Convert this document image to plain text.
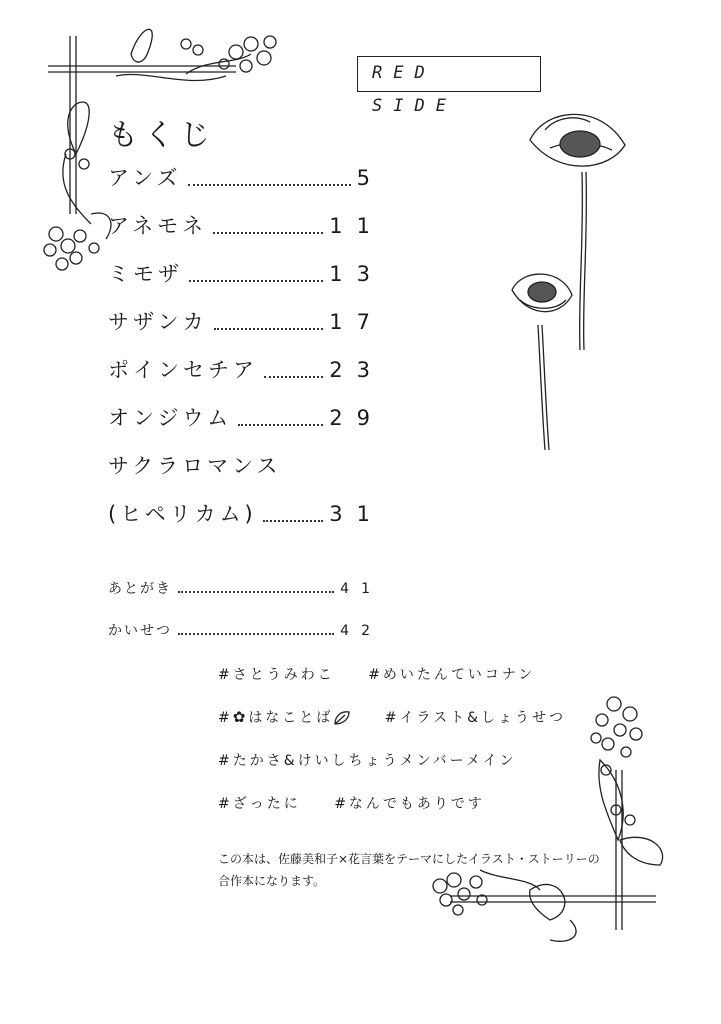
RED SIDE
もくじ
アンズ	5
アネモネ	11
ミモザ	13
サザンカ	17
ポインセチア	23
オンジウム	29
サクラロマンス
(ヒペリカム)	31
あとがき	41
かいせつ	42
#さとうみわこ #めいたんていコナン
#✿はなことば	#イラスト&しょうせつ
#たかさ&けいしちょうメンバーメイン
#ざったに #なんでもありです
この本は、佐藤美和子×花言葉をテーマにしたイラスト・ストーリーの
合作本になります。
